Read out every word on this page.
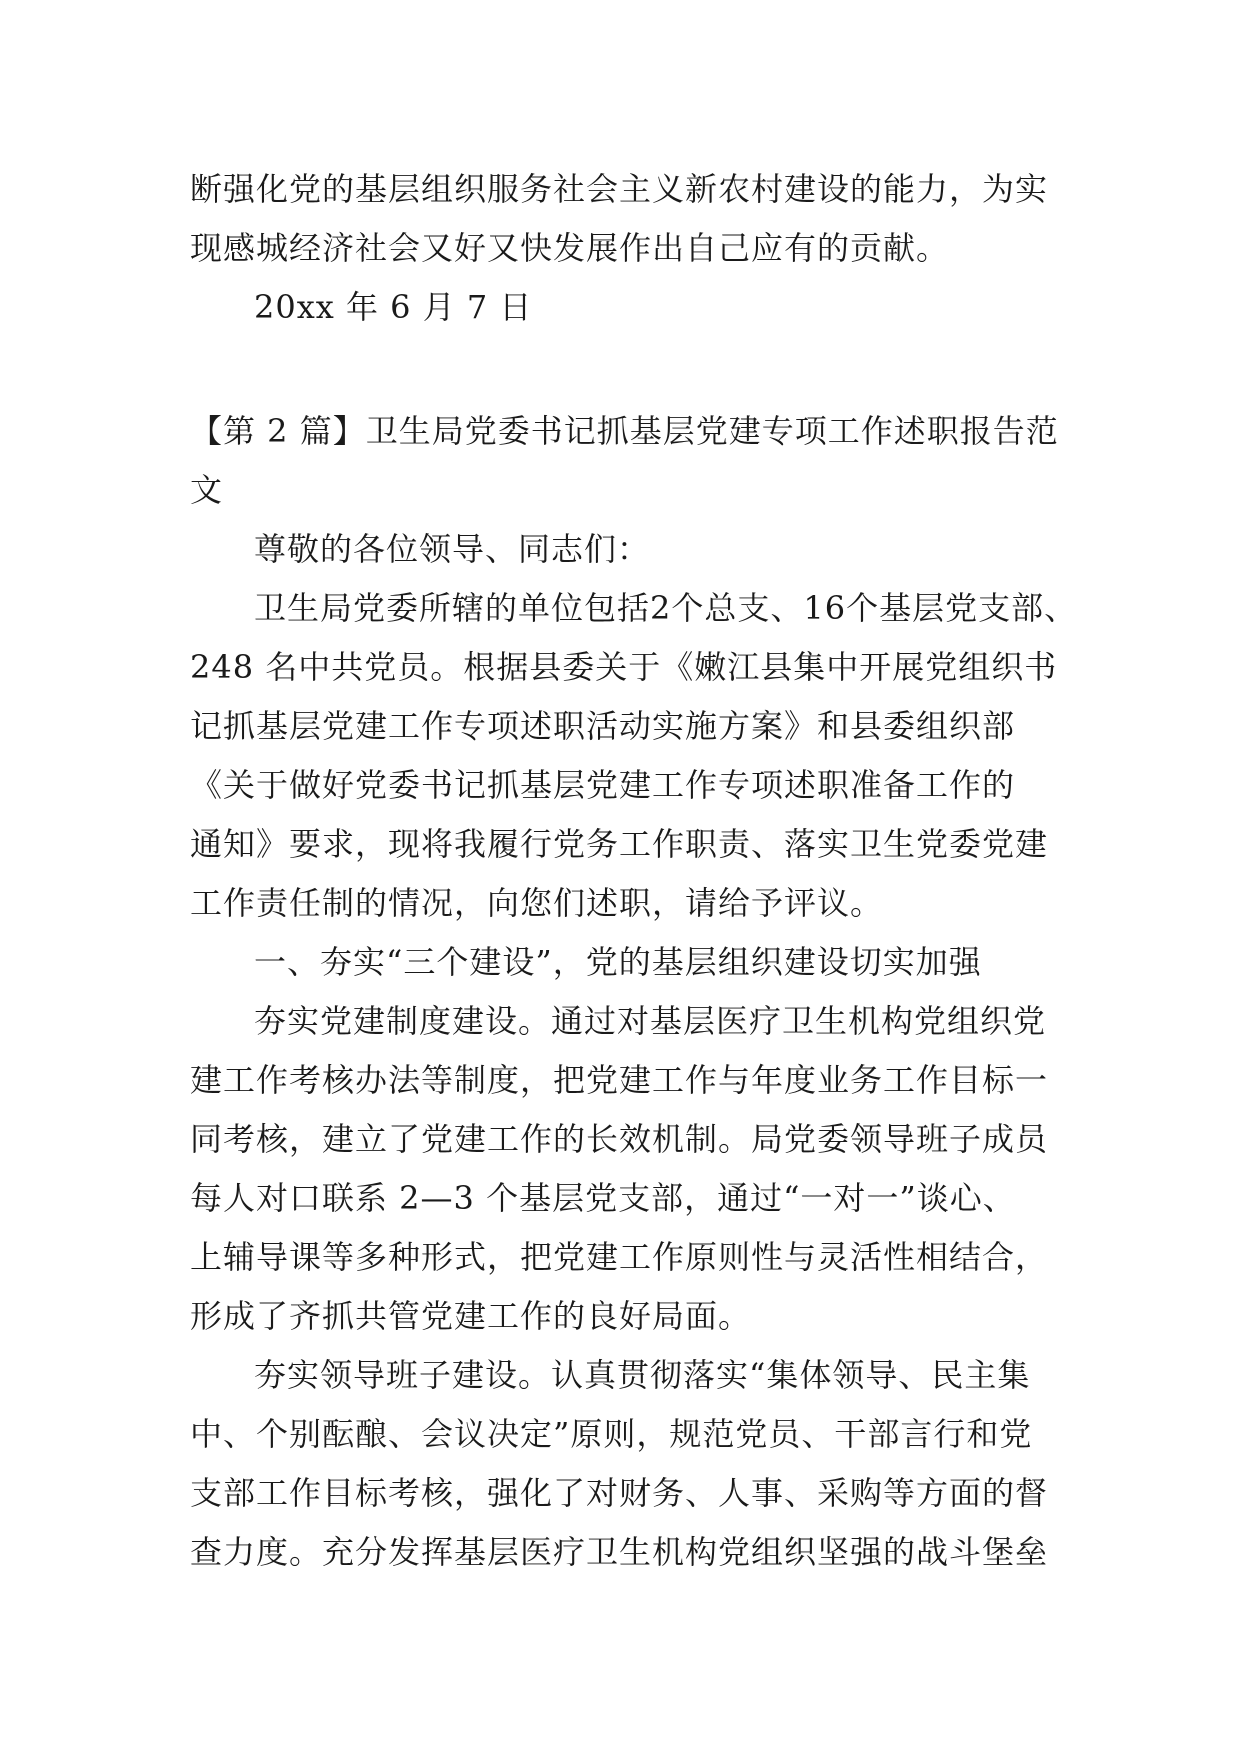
断强化党的基层组织服务社会主义新农村建设的能力，为实
现感城经济社会又好又快发展作出自己应有的贡献。
20xx 年 6 月 7 日
【第 2 篇】卫生局党委书记抓基层党建专项工作述职报告范
文
尊敬的各位领导、同志们：
卫生局党委所辖的单位包括2个总支、16个基层党支部、
248 名中共党员。根据县委关于《嫩江县集中开展党组织书
记抓基层党建工作专项述职活动实施方案》和县委组织部
《关于做好党委书记抓基层党建工作专项述职准备工作的
通知》要求，现将我履行党务工作职责、落实卫生党委党建
工作责任制的情况，向您们述职，请给予评议。
一、夯实“三个建设”，党的基层组织建设切实加强
夯实党建制度建设。通过对基层医疗卫生机构党组织党
建工作考核办法等制度，把党建工作与年度业务工作目标一
同考核，建立了党建工作的长效机制。局党委领导班子成员
每人对口联系 2—3 个基层党支部，通过“一对一”谈心、
上辅导课等多种形式，把党建工作原则性与灵活性相结合，
形成了齐抓共管党建工作的良好局面。
夯实领导班子建设。认真贯彻落实“集体领导、民主集
中、个别酝酿、会议决定”原则，规范党员、干部言行和党
支部工作目标考核，强化了对财务、人事、采购等方面的督
查力度。充分发挥基层医疗卫生机构党组织坚强的战斗堡垒
